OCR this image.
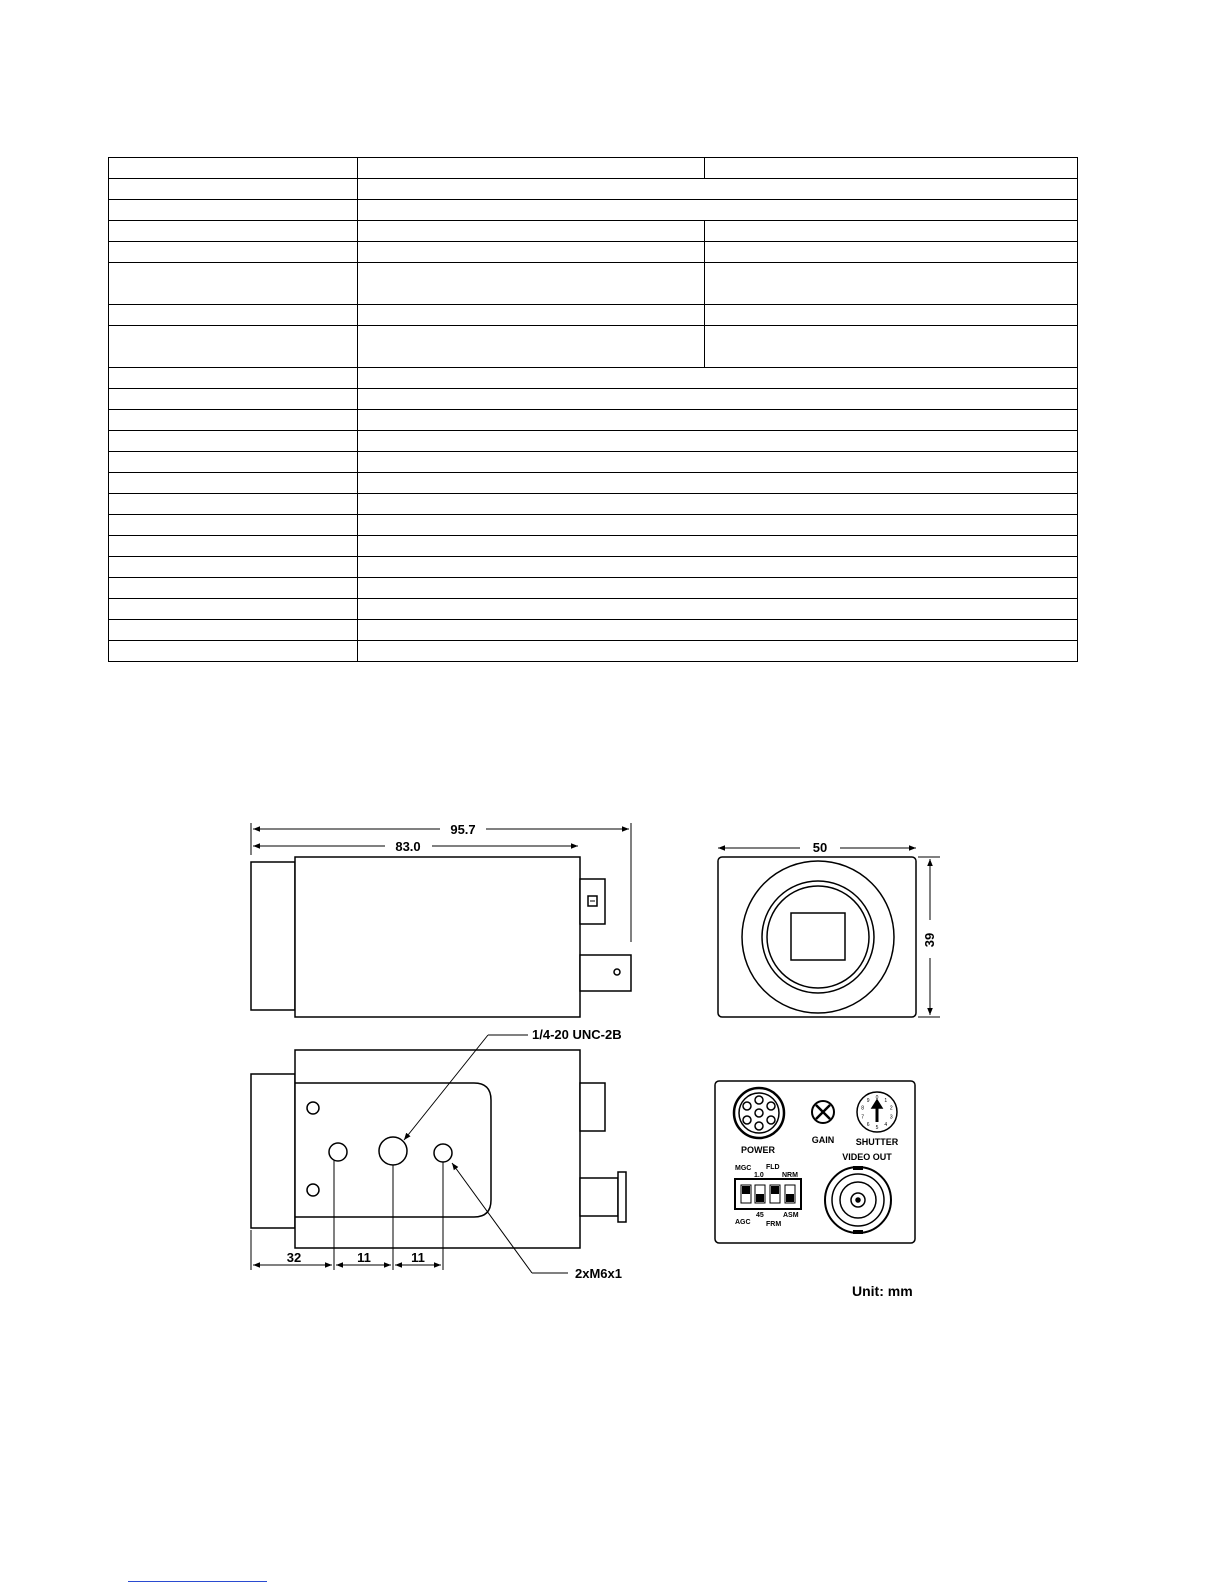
95.7
83.0	50
39
32	11	11
1/4-20 UNC-2B
2xM6x1
Unit: mm
POWER
GAIN SHUTTER
VIDEO OUT
MGC
1.0
FLD
NRM
AGC
45
FRM
ASM
0 1
2
3
4
5
6
7
8
9
